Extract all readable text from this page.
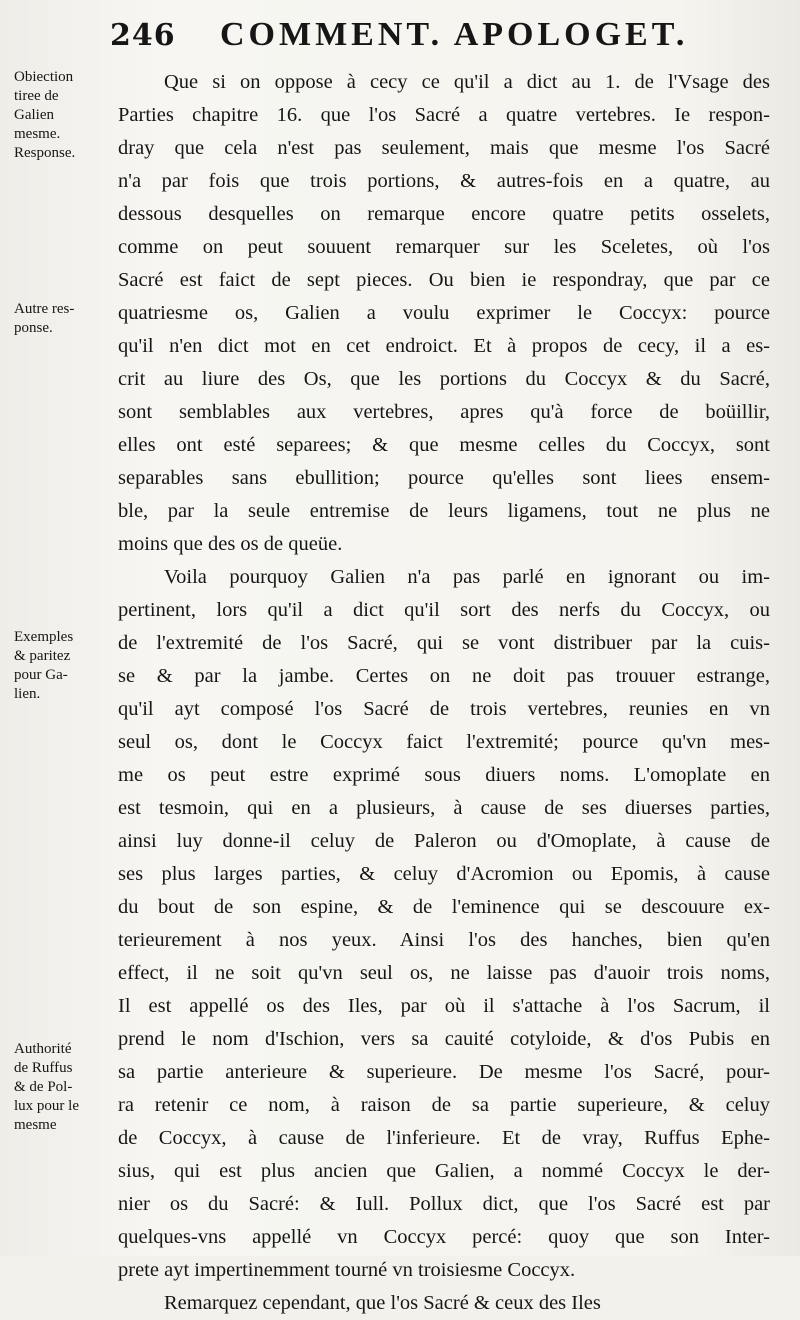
246 COMMENT. APOLOGET.
Obiection
tiree de
Galien
mesme.
Response.
Autre res-
ponse.
Exemples
& paritez
pour Ga-
lien.
Authorité
de Ruffus
& de Pol-
lux pour le
mesme
Que si on oppose à cecy ce qu'il a dict au 1. de l'Vsage des
Parties chapitre 16. que l'os Sacré a quatre vertebres. Ie respon-
dray que cela n'est pas seulement, mais que mesme l'os Sacré
n'a par fois que trois portions, & autres-fois en a quatre, au
dessous desquelles on remarque encore quatre petits osselets,
comme on peut souuent remarquer sur les Sceletes, où l'os
Sacré est faict de sept pieces. Ou bien ie respondray, que par ce
quatriesme os, Galien a voulu exprimer le Coccyx: pource
qu'il n'en dict mot en cet endroict. Et à propos de cecy, il a es-
crit au liure des Os, que les portions du Coccyx & du Sacré,
sont semblables aux vertebres, apres qu'à force de boüillir,
elles ont esté separees; & que mesme celles du Coccyx, sont
separables sans ebullition; pource qu'elles sont liees ensem-
ble, par la seule entremise de leurs ligamens, tout ne plus ne
moins que des os de queüe.
Voila pourquoy Galien n'a pas parlé en ignorant ou im-
pertinent, lors qu'il a dict qu'il sort des nerfs du Coccyx, ou
de l'extremité de l'os Sacré, qui se vont distribuer par la cuis-
se & par la jambe. Certes on ne doit pas trouuer estrange,
qu'il ayt composé l'os Sacré de trois vertebres, reunies en vn
seul os, dont le Coccyx faict l'extremité; pource qu'vn mes-
me os peut estre exprimé sous diuers noms. L'omoplate en
est tesmoin, qui en a plusieurs, à cause de ses diuerses parties,
ainsi luy donne-il celuy de Paleron ou d'Omoplate, à cause de
ses plus larges parties, & celuy d'Acromion ou Epomis, à cause
du bout de son espine, & de l'eminence qui se descouure ex-
terieurement à nos yeux. Ainsi l'os des hanches, bien qu'en
effect, il ne soit qu'vn seul os, ne laisse pas d'auoir trois noms,
Il est appellé os des Iles, par où il s'attache à l'os Sacrum, il
prend le nom d'Ischion, vers sa cauité cotyloide, & d'os Pubis en
sa partie anterieure & superieure. De mesme l'os Sacré, pour-
ra retenir ce nom, à raison de sa partie superieure, & celuy
de Coccyx, à cause de l'inferieure. Et de vray, Ruffus Ephe-
sius, qui est plus ancien que Galien, a nommé Coccyx le der-
nier os du Sacré: & Iull. Pollux dict, que l'os Sacré est par
quelques-vns appellé vn Coccyx percé: quoy que son Inter-
prete ayt impertinemment tourné vn troisiesme Coccyx.
Remarquez cependant, que l'os Sacré & ceux des Iles
